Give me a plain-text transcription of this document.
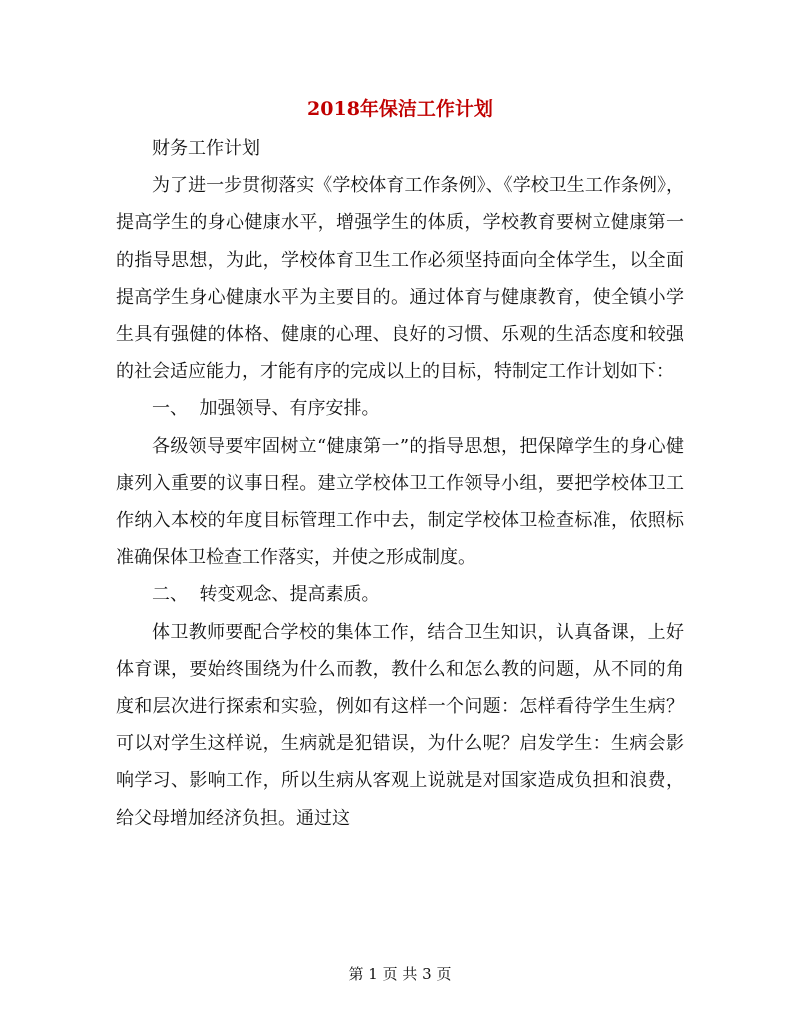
2018年保洁工作计划

财务工作计划

为了进一步贯彻落实《学校体育工作条例》、《学校卫生工作条例》，提高学生的身心健康水平，增强学生的体质，学校教育要树立健康第一的指导思想，为此，学校体育卫生工作必须坚持面向全体学生，以全面提高学生身心健康水平为主要目的。通过体育与健康教育，使全镇小学生具有强健的体格、健康的心理、良好的习惯、乐观的生活态度和较强的社会适应能力，才能有序的完成以上的目标，特制定工作计划如下：

一、  加强领导、有序安排。

各级领导要牢固树立“健康第一”的指导思想，把保障学生的身心健康列入重要的议事日程。建立学校体卫工作领导小组，要把学校体卫工作纳入本校的年度目标管理工作中去，制定学校体卫检查标准，依照标准确保体卫检查工作落实，并使之形成制度。

二、  转变观念、提高素质。

体卫教师要配合学校的集体工作，结合卫生知识，认真备课，上好体育课，要始终围绕为什么而教，教什么和怎么教的问题，从不同的角度和层次进行探索和实验，例如有这样一个问题：怎样看待学生生病？可以对学生这样说，生病就是犯错误，为什么呢？启发学生：生病会影响学习、影响工作，所以生病从客观上说就是对国家造成负担和浪费，给父母增加经济负担。通过这

第 1 页 共 3 页
